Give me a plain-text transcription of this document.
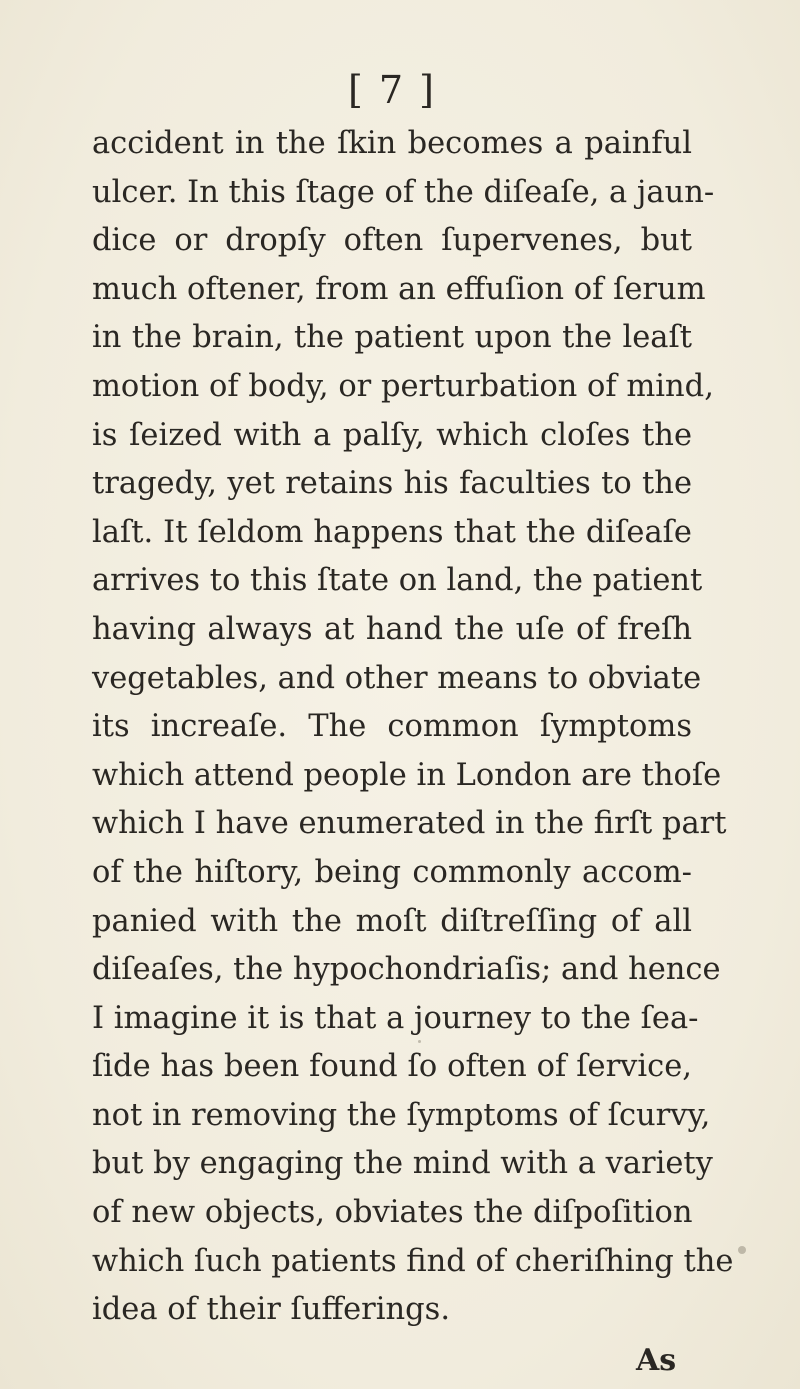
[ 7 ]
accident in the ſkin becomes a painful
ulcer. In this ſtage of the diſeaſe, a jaun-
dice or dropſy often ſupervenes, but
much oftener, from an effuſion of ſerum
in the brain, the patient upon the leaſt
motion of body, or perturbation of mind,
is ſeized with a palſy, which cloſes the
tragedy, yet retains his faculties to the
laſt. It ſeldom happens that the diſeaſe
arrives to this ſtate on land, the patient
having always at hand the uſe of freſh
vegetables, and other means to obviate
its increaſe. The common ſymptoms
which attend people in London are thoſe
which I have enumerated in the firſt part
of the hiſtory, being commonly accom-
panied with the moſt diſtreſſing of all
diſeaſes, the hypochondriaſis; and hence
I imagine it is that a journey to the ſea-
ſide has been found ſo often of ſervice,
not in removing the ſymptoms of ſcurvy,
but by engaging the mind with a variety
of new objects, obviates the diſpoſition
which ſuch patients find of cheriſhing the
idea of their ſufferings.
As
